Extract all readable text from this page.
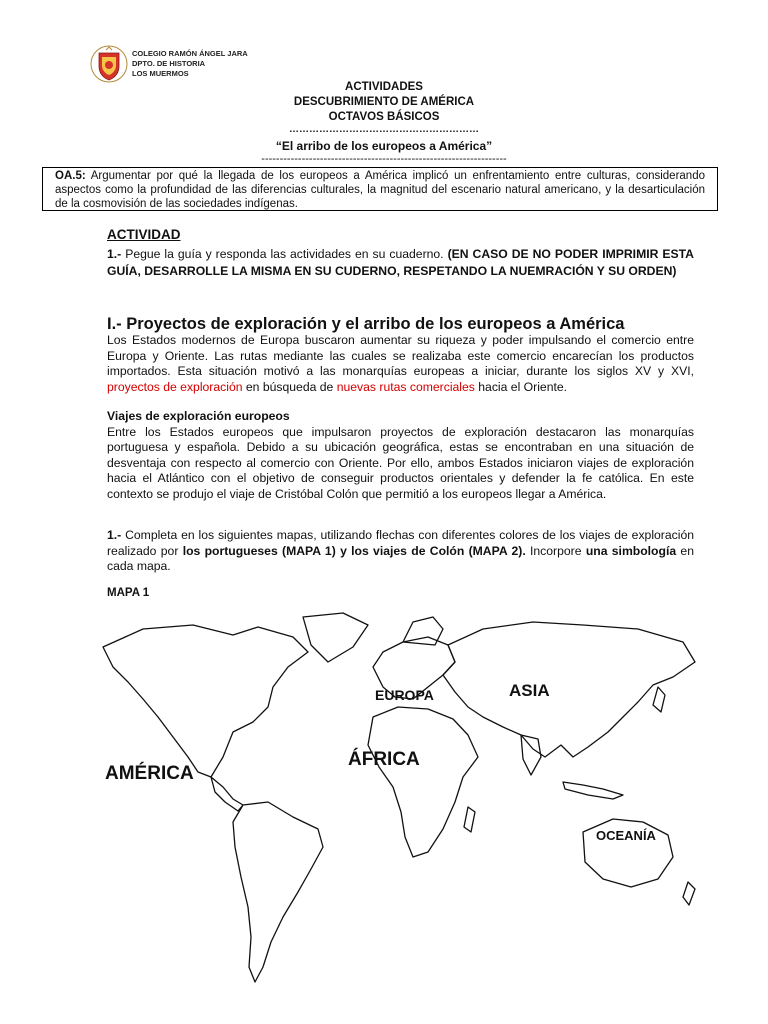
COLEGIO RAMÓN ÁNGEL JARA
DPTO. DE HISTORIA
LOS MUERMOS
ACTIVIDADES
DESCUBRIMIENTO DE AMÉRICA
OCTAVOS BÁSICOS
…………………………………………………
“El arribo de los europeos a América”
-------------------------------------------------------------------
OA.5: Argumentar por qué la llegada de los europeos a América implicó un enfrentamiento entre culturas, considerando aspectos como la profundidad de las diferencias culturales, la magnitud del escenario natural americano, y la desarticulación de la cosmovisión de las sociedades indígenas.
ACTIVIDAD
1.- Pegue la guía y responda las actividades en su cuaderno. (EN CASO DE NO PODER IMPRIMIR ESTA GUÍA, DESARROLLE LA MISMA EN SU CUDERNO, RESPETANDO LA NUEMRACIÓN Y SU ORDEN)
I.- Proyectos de exploración y el arribo de los europeos a América
Los Estados modernos de Europa buscaron aumentar su riqueza y poder impulsando el comercio entre Europa y Oriente. Las rutas mediante las cuales se realizaba este comercio encarecían los productos importados. Esta situación motivó a las monarquías europeas a iniciar, durante los siglos XV y XVI, proyectos de exploración en búsqueda de nuevas rutas comerciales hacia el Oriente.
Viajes de exploración europeos
Entre los Estados europeos que impulsaron proyectos de exploración destacaron las monarquías portuguesa y española. Debido a su ubicación geográfica, estas se encontraban en una situación de desventaja con respecto al comercio con Oriente. Por ello, ambos Estados iniciaron viajes de exploración hacia el Atlántico con el objetivo de conseguir productos orientales y defender la fe católica. En este contexto se produjo el viaje de Cristóbal Colón que permitió a los europeos llegar a América.
1.- Completa en los siguientes mapas, utilizando flechas con diferentes colores de los viajes de exploración realizado por los portugueses (MAPA 1) y los viajes de Colón (MAPA 2). Incorpore una simbología en cada mapa.
MAPA 1
EUROPA	ASIA
ÁFRICA
AMÉRICA
OCEANÍA
